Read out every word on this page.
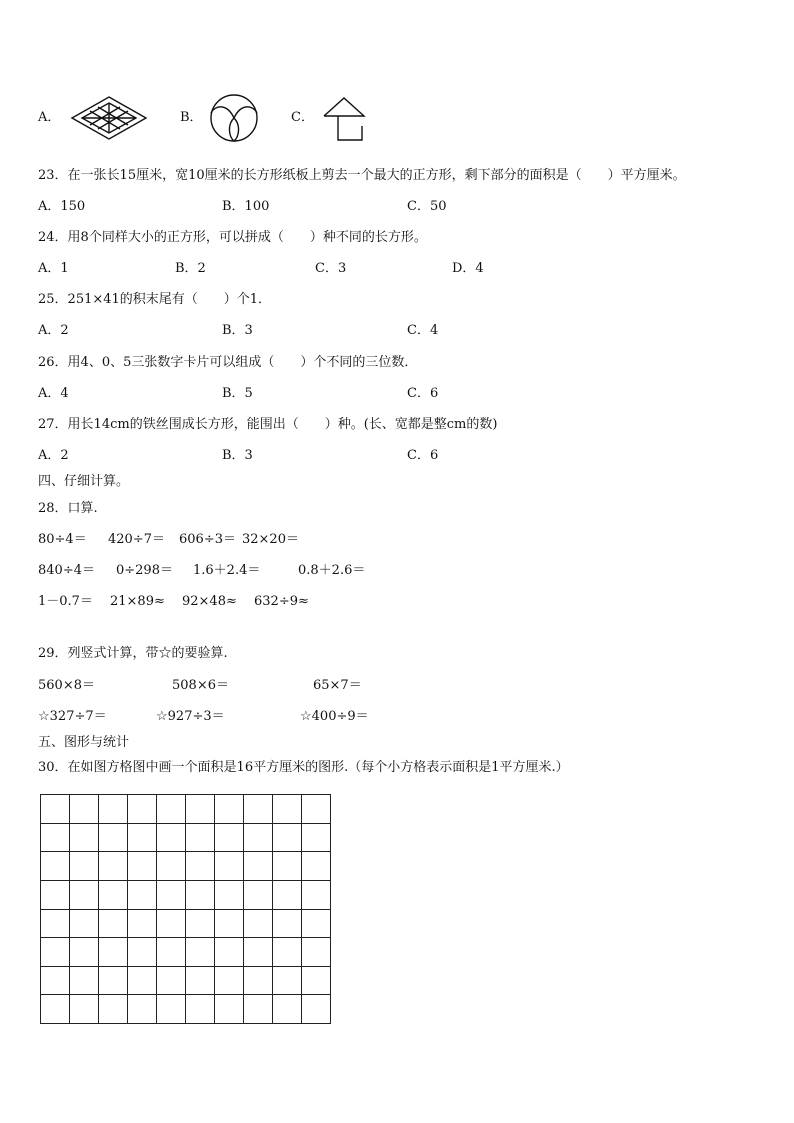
A．	B．	C．
23．在一张长15厘米，宽10厘米的长方形纸板上剪去一个最大的正方形，剩下部分的面积是（　　）平方厘米。
A．150	B．100	C．50
24．用8个同样大小的正方形，可以拼成（　　）种不同的长方形。
A．1	B．2	C．3	D．4
25．251×41的积末尾有（　　）个1．
A．2	B．3	C．4
26．用4、0、5三张数字卡片可以组成（　　）个不同的三位数．
A．4	B．5	C．6
27．用长14cm的铁丝围成长方形，能围出（　　）种。(长、宽都是整cm的数)
A．2	B．3	C．6
四、仔细计算。
28．口算.
80÷4＝ 420÷7＝ 606÷3＝ 32×20＝
840÷4＝ 0÷298＝ 1.6＋2.4＝	0.8＋2.6＝
1－0.7＝ 21×89≈ 92×48≈ 632÷9≈
29．列竖式计算，带☆的要验算.
560×8＝	508×6＝	65×7＝
☆327÷7＝	☆927÷3＝	☆400÷9＝
五、图形与统计
30．在如图方格图中画一个面积是16平方厘米的图形.（每个小方格表示面积是1平方厘米.）
